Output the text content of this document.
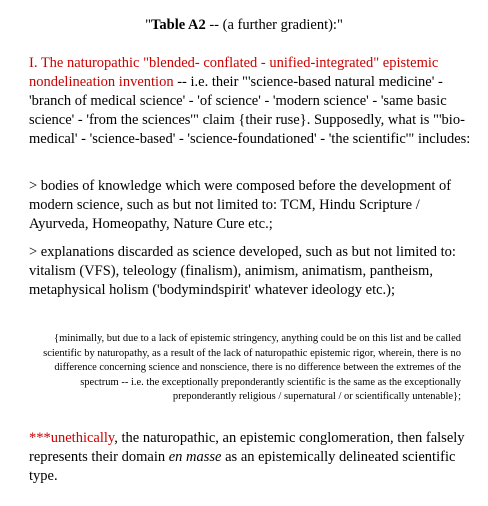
"Table A2 -- (a further gradient):"
I. The naturopathic "blended- conflated - unified-integrated" epistemic nondelineation invention -- i.e. their "'science-based natural medicine' - 'branch of medical science' - 'of science' - 'modern science' - 'same basic science' - 'from the sciences'" claim {their ruse}. Supposedly, what is "'bio-medical' - 'science-based' - 'science-foundationed' - 'the scientific'" includes:
> bodies of knowledge which were composed before the development of modern science, such as but not limited to: TCM, Hindu Scripture / Ayurveda, Homeopathy, Nature Cure etc.;
> explanations discarded as science developed, such as but not limited to: vitalism (VFS), teleology (finalism), animism, animatism, pantheism, metaphysical holism ('bodymindspirit' whatever ideology etc.);
{minimally, but due to a lack of epistemic stringency, anything could be on this list and be called scientific by naturopathy, as a result of the lack of naturopathic epistemic rigor, wherein, there is no difference concerning science and nonscience, there is no difference between the extremes of the spectrum -- i.e. the exceptionally preponderantly scientific is the same as the exceptionally preponderantly religious / supernatural / or scientifically untenable};
***unethically, the naturopathic, an epistemic conglomeration, then falsely represents their domain en masse as an epistemically delineated scientific type.
